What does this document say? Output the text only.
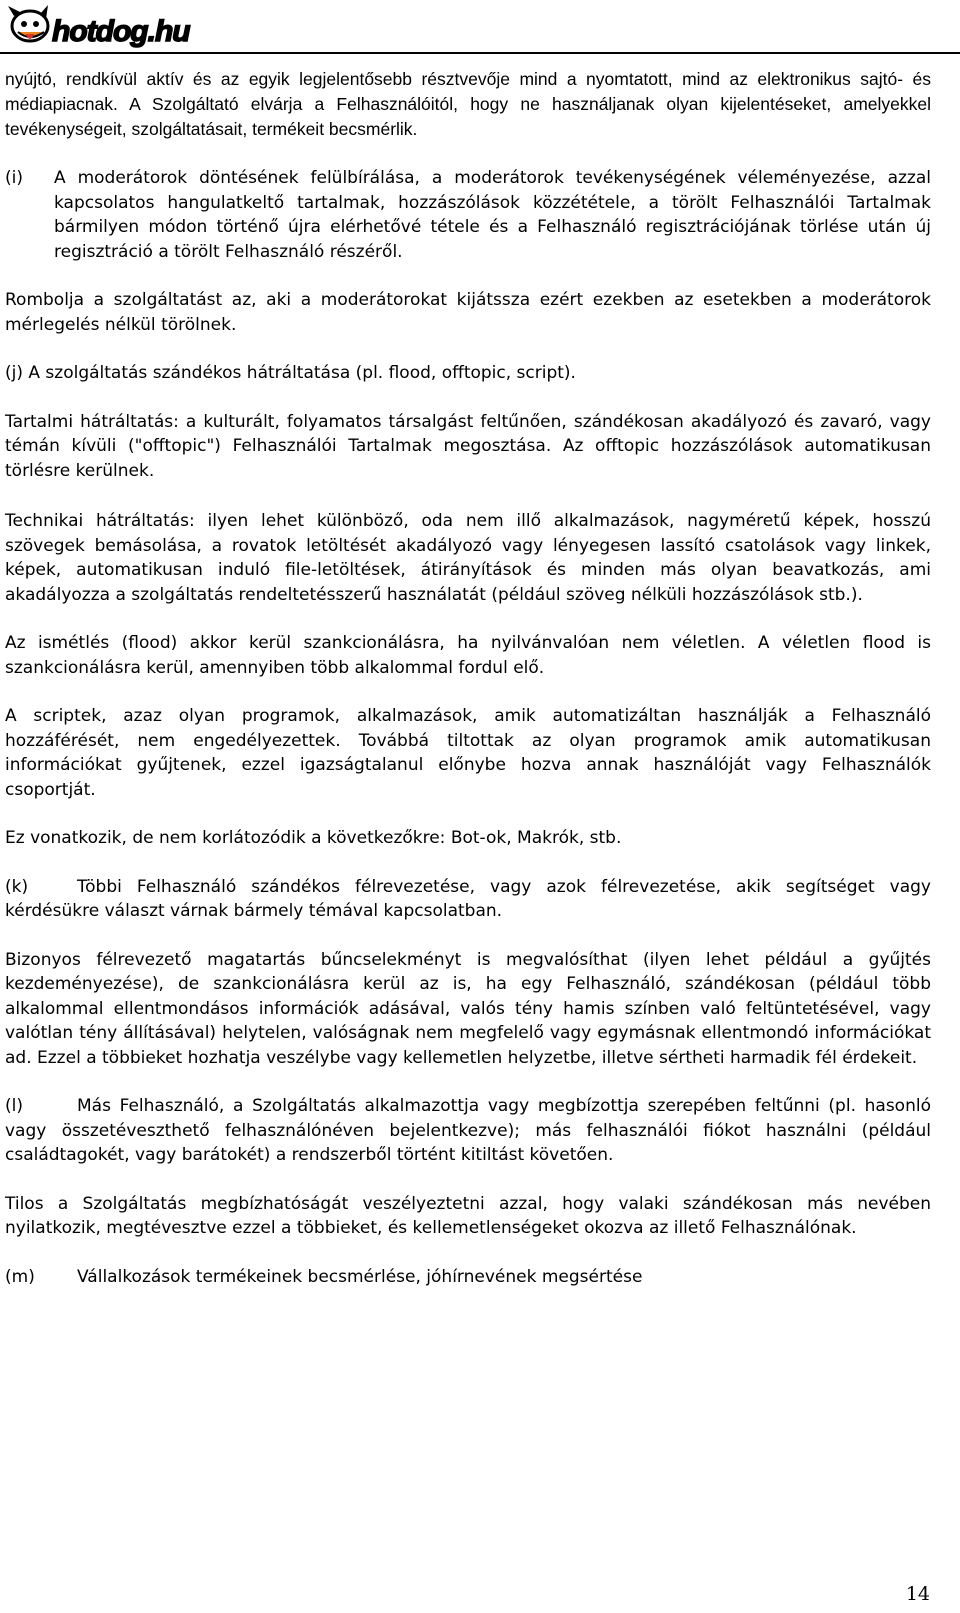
hotdog.hu

nyújtó, rendkívül aktív és az egyik legjelentősebb résztvevője mind a nyomtatott, mind az elektronikus sajtó- és médiapiacnak. A Szolgáltató elvárja a Felhasználóitól, hogy ne használjanak olyan kijelentéseket, amelyekkel tevékenységeit, szolgáltatásait, termékeit becsmérlik.

(i)	A moderátorok döntésének felülbírálása, a moderátorok tevékenységének véleményezése, azzal kapcsolatos hangulatkeltő tartalmak, hozzászólások közzététele, a törölt Felhasználói Tartalmak bármilyen módon történő újra elérhetővé tétele és a Felhasználó regisztrációjának törlése után új regisztráció a törölt Felhasználó részéről.

Rombolja a szolgáltatást az, aki a moderátorokat kijátssza ezért ezekben az esetekben a moderátorok mérlegelés nélkül törölnek.

(j) A szolgáltatás szándékos hátráltatása (pl. flood, offtopic, script).

Tartalmi hátráltatás: a kulturált, folyamatos társalgást feltűnően, szándékosan akadályozó és zavaró, vagy témán kívüli ("offtopic") Felhasználói Tartalmak megosztása. Az offtopic hozzászólások automatikusan törlésre kerülnek.

Technikai hátráltatás: ilyen lehet különböző, oda nem illő alkalmazások, nagyméretű képek, hosszú szövegek bemásolása, a rovatok letöltését akadályozó vagy lényegesen lassító csatolások vagy linkek, képek, automatikusan induló file-letöltések, átirányítások és minden más olyan beavatkozás, ami akadályozza a szolgáltatás rendeltetésszerű használatát (például szöveg nélküli hozzászólások stb.).

Az ismétlés (flood) akkor kerül szankcionálásra, ha nyilvánvalóan nem véletlen. A véletlen flood is szankcionálásra kerül, amennyiben több alkalommal fordul elő.

A scriptek, azaz olyan programok, alkalmazások, amik automatizáltan használják a Felhasználó hozzáférését, nem engedélyezettek. Továbbá tiltottak az olyan programok amik automatikusan információkat gyűjtenek, ezzel igazságtalanul előnybe hozva annak használóját vagy Felhasználók csoportját.

Ez vonatkozik, de nem korlátozódik a következőkre: Bot-ok, Makrók, stb.

(k)	Többi Felhasználó szándékos félrevezetése, vagy azok félrevezetése, akik segítséget vagy kérdésükre választ várnak bármely témával kapcsolatban.

Bizonyos félrevezető magatartás bűncselekményt is megvalósíthat (ilyen lehet például a gyűjtés kezdeményezése), de szankcionálásra kerül az is, ha egy Felhasználó, szándékosan (például több alkalommal ellentmondásos információk adásával, valós tény hamis színben való feltüntetésével, vagy valótlan tény állításával) helytelen, valóságnak nem megfelelő vagy egymásnak ellentmondó információkat ad. Ezzel a többieket hozhatja veszélybe vagy kellemetlen helyzetbe, illetve sértheti harmadik fél érdekeit.

(l)	Más Felhasználó, a Szolgáltatás alkalmazottja vagy megbízottja szerepében feltűnni (pl. hasonló vagy összetéveszthető felhasználónéven bejelentkezve); más felhasználói fiókot használni (például családtagokét, vagy barátokét) a rendszerből történt kitiltást követően.

Tilos a Szolgáltatás megbízhatóságát veszélyeztetni azzal, hogy valaki szándékosan más nevében nyilatkozik, megtévesztve ezzel a többieket, és kellemetlenségeket okozva az illető Felhasználónak.

(m) Vállalkozások termékeinek becsmérlése, jóhírnevének megsértése

14
